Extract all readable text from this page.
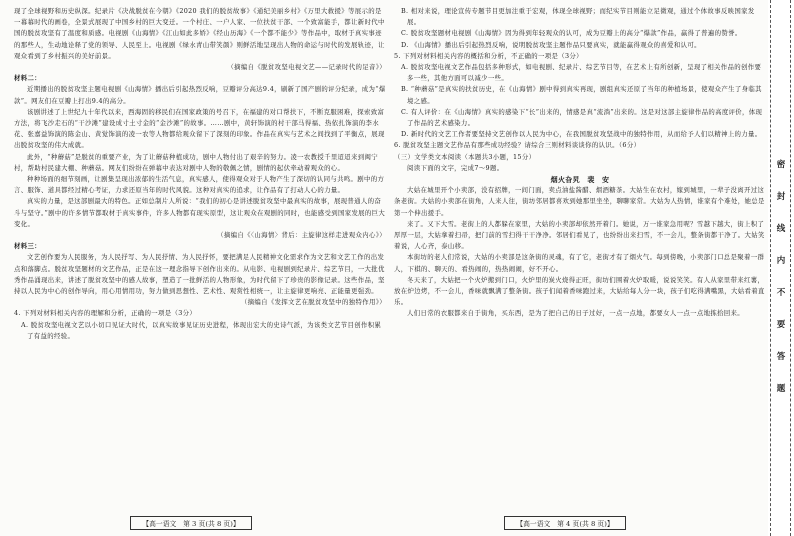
现了全球视野和历史纵深。纪录片《决战脱贫在今朝》《2020 我们的脱贫故事》《通纪美丽乡村》《万里大救援》等展示的是一幕幕时代的画卷，全景式展现了中国乡村的巨大变迁。一个村庄、一户人家、一位扶贫干部、一个致富能手，都让新时代中国的脱贫攻坚有了温度和质感。电视剧《山海情》《江山如此多娇》《经山历海》《一个都不能少》等作品中，取材于真实事迹的那些人，生动地诠释了党的领导、人民至上。电视剧《绿水青山带笑颜》则鲜活地呈现出人物的命运与时代的发展轨迹，让观众看到了乡村振兴的美好前景。

（摘编自《脱贫攻坚电视文艺——记录时代的足音》）

材料二：

近期播出的脱贫攻坚主题电视剧《山海情》播出后引起热烈反响，豆瓣评分高达9.4，刷新了国产剧的评分纪录，成为“爆款”。网友们在豆瓣上打出9.4的高分。

该剧讲述了上世纪九十年代以来，西海固的移民们在国家政策的号召下，在福建的对口帮扶下，不断克服困难，探索致富方法，将飞沙走石的“干沙滩”建设成寸土寸金的“金沙滩”的故事。……剧中，黄轩饰演的村干部马得福、热依扎饰演的李水花、张嘉益饰演的陈金山、黄觉饰演的凌一农等人物都给观众留下了深刻的印象。作品在真实与艺术之间找到了平衡点，展现出脱贫攻坚的伟大成就。

此外，“种蘑菇”是脱贫的重要产业，为了让蘑菇种植成功，剧中人物付出了艰辛的努力。凌一农教授千里迢迢来到闽宁村，帮助村民建大棚、种蘑菇。网友们纷纷在弹幕中表达对剧中人物的敬佩之情，剧情的起伏牵动着观众的心。

种种场面的细节刻画，让剧集呈现出浓郁的生活气息，真实感人，使得观众对于人物产生了深切的认同与共鸣。剧中的方言、服饰、道具都经过精心考证，力求还原当年的时代风貌。这种对真实的追求，让作品有了打动人心的力量。

真实的力量，是这部剧最大的特色。正如总制片人所说：“我们的初心是讲述脱贫攻坚中最真实的故事，展现普通人的奋斗与坚守。”剧中的许多情节都取材于真实事件，许多人物都有现实原型，这让观众在观剧的同时，也能感受到国家发展的巨大变化。

（摘编自《〈山海情〉背后：主旋律这样走进观众内心》）

材料三：

文艺创作要为人民服务，为人民抒写、为人民抒情、为人民抒怀，要把满足人民精神文化需求作为文艺和文艺工作的出发点和落脚点。脱贫攻坚题材的文艺作品，正是在这一理念指导下创作出来的。从电影、电视剧到纪录片、综艺节目，一大批优秀作品涌现出来，讲述了脱贫攻坚中的感人故事，塑造了一批鲜活的人物形象，为时代留下了珍贵的影像记录。这些作品，坚持以人民为中心的创作导向，用心用情用功，努力做到思想性、艺术性、观赏性相统一，让主旋律更响亮、正能量更强劲。

（摘编自《发挥文艺在脱贫攻坚中的独特作用》）

4. 下列对材料相关内容的理解和分析，正确的一项是（3分）

A. 脱贫攻坚电视文艺以小切口见证大时代，以真实故事见证历史进程，体现出宏大的史诗气派，为该类文艺节目创作积累了有益的经验。

B. 相对来说，理论宣传专题节目更加注重于宏观，体现全球视野；而纪实节目则能立足微观，通过个体故事反映国家发展。

C. 脱贫攻坚题材电视剧《山海情》因为得到年轻观众的认可，成为豆瓣上的高分“爆款”作品，赢得了普遍的赞誉。

D. 《山海情》播出后引起热烈反响，说明脱贫攻坚主题作品只要真实，就能赢得观众的喜爱和认可。

5. 下列对材料相关内容的概括和分析，不正确的一项是（3分）

A. 脱贫攻坚电视文艺作品包括多种形式，如电视剧、纪录片、综艺节目等，在艺术上有所创新，呈现了相关作品的创作要多一些，其他方面可以减少一些。

B. “种蘑菇”是真实的扶贫历史，在《山海情》剧中得到真实再现，剧组真实还原了当年的种植场景，使观众产生了身临其境之感。

C. 有人评价：在《山海情》真实的感染下“长”出来的，情感是真“流淌”出来的。这是对这部主旋律作品的高度评价，体现了作品的艺术感染力。

D. 新时代的文艺工作者要坚持文艺创作以人民为中心，在我国脱贫攻坚战中的独特作用，从而给予人们以精神上的力量。

6. 脱贫攻坚主题文艺作品有那些成功经验？请综合三则材料谈谈你的认识。（6分）

（三）文学类文本阅读（本题共3小题，15分）

阅读下面的文字，完成7～9题。

烟火旮旯　裴　安

大姑在城里开个小卖部，没有招牌，一间门面，卖点油盐酱醋、烟酒糖茶。大姑生在农村，嫁到城里，一辈子没离开过这条老街。大姑的小卖部在街角，人来人往，街坊邻居都喜欢到她那里坐坐，聊聊家常。大姑为人热情，谁家有个难处，她总是第一个伸出援手。

来了。又下大雪。老街上的人都躲在家里，大姑的小卖部却依然开着门。她说，万一谁家急用呢？雪越下越大，街上积了厚厚一层，大姑拿着扫帚，把门前的雪扫得干干净净。邻居们看见了，也纷纷出来扫雪，不一会儿，整条街都干净了。大姑笑着说，人心齐，泰山移。

本街坊的老人们常说，大姑的小卖部是这条街的灵魂，有了它，老街才有了烟火气。每到傍晚，小卖部门口总是聚着一群人，下棋的、聊天的、看热闹的，热热闹闹，好不开心。

冬天来了，大姑把一个火炉搬到门口，火炉里的炭火烧得正旺，街坊们围着火炉取暖，说说笑笑。有人从家里带来红薯，放在炉边烤，不一会儿，香味就飘满了整条街。孩子们闻着香味跑过来，大姑给每人分一块，孩子们吃得满嘴黑，大姑看着直乐。

人们日常的衣服都来自于街角，买东西，是为了把自己的日子过好，一点一点地，都要女人一点一点地拣拾回来。

【高一语文　第 3 页(共 8 页)】	【高一语文　第 4 页(共 8 页)】
密
封
线
内
不
要
答
题
